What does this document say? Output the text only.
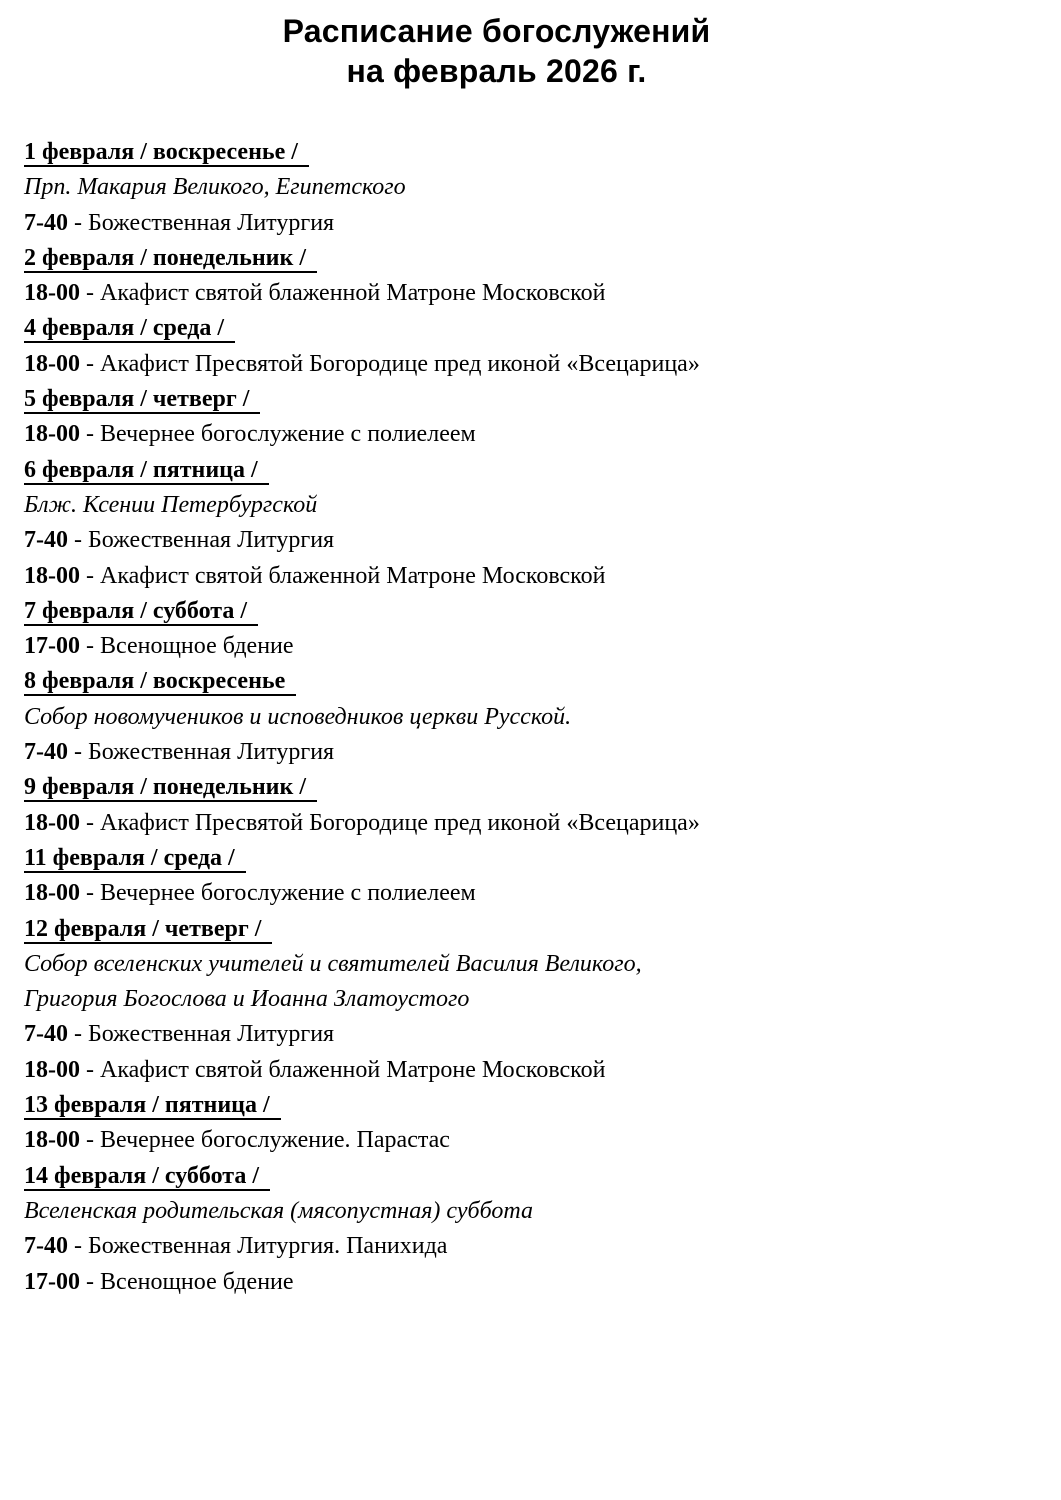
Расписание богослужений
на февраль 2026 г.
1 февраля / воскресенье /
Прп. Макария Великого, Египетского
7-40 - Божественная Литургия
2 февраля / понедельник /
18-00 - Акафист святой блаженной Матроне Московской
4 февраля / среда /
18-00 - Акафист Пресвятой Богородице пред иконой «Всецарица»
5 февраля / четверг /
18-00 - Вечернее богослужение с полиелеем
6 февраля / пятница /
Блж. Ксении Петербургской
7-40 - Божественная Литургия
18-00 - Акафист святой блаженной Матроне Московской
7 февраля / суббота /
17-00 - Всенощное бдение
8 февраля / воскресенье
Собор новомучеников и исповедников церкви Русской.
7-40 - Божественная Литургия
9 февраля / понедельник /
18-00 - Акафист Пресвятой Богородице пред иконой «Всецарица»
11 февраля / среда /
18-00 - Вечернее богослужение с полиелеем
12 февраля / четверг /
Собор вселенских учителей и святителей Василия Великого,
Григория Богослова и Иоанна Златоустого
7-40 - Божественная Литургия
18-00 - Акафист святой блаженной Матроне Московской
13 февраля / пятница /
18-00 - Вечернее богослужение. Парастас
14 февраля / суббота /
Вселенская родительская (мясопустная) суббота
7-40 - Божественная Литургия. Панихида
17-00 - Всенощное бдение
